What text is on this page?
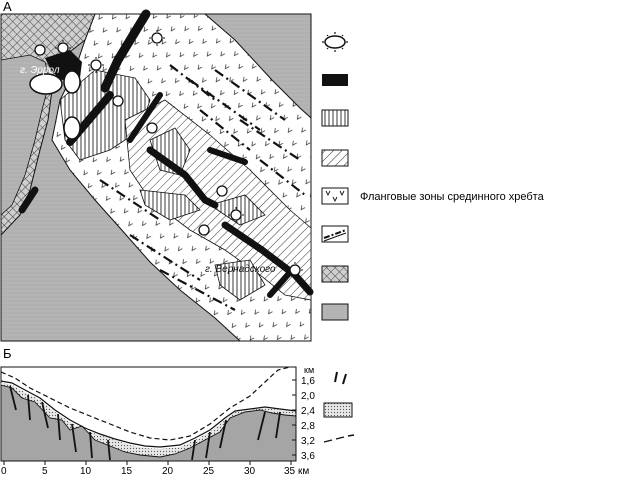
г. Эррол
г. Вернадского
А
Фланговые зоны срединного хребта
Б
км
1,6
2,0
2,4
2,8
3,2
3,6
0	5	10	15	20	25	30	35 км
